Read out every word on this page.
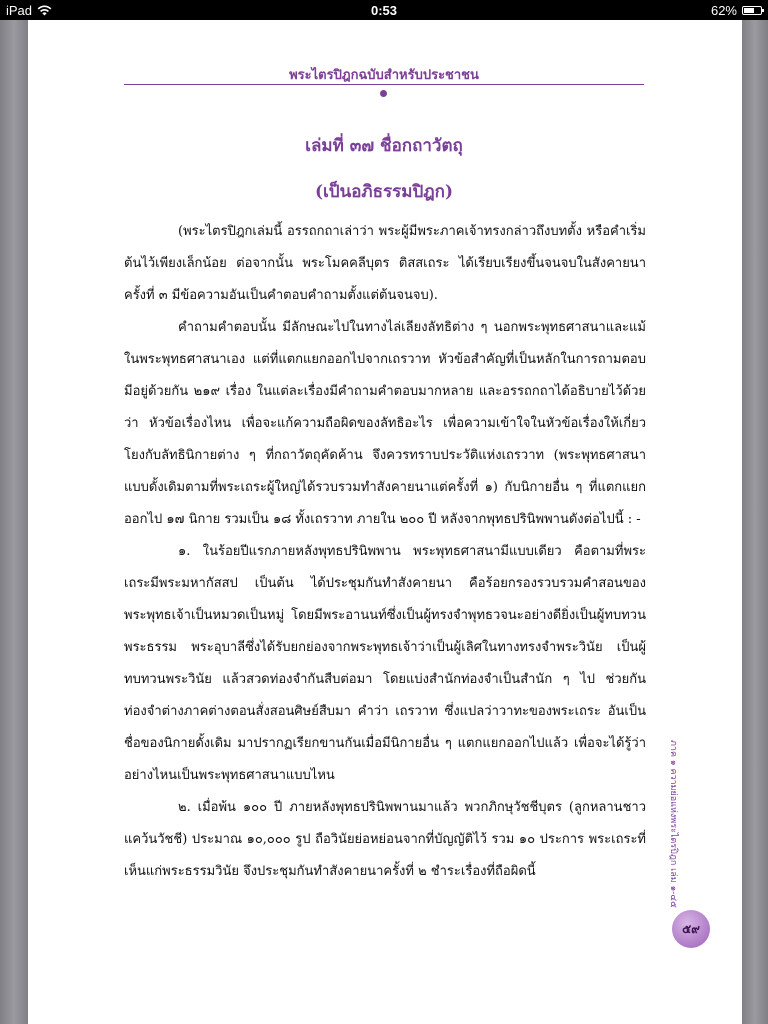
iPad	0:53	62%
พระไตรปิฎกฉบับสำหรับประชาชน
เล่มที่ ๓๗ ชื่อกถาวัตถุ
(เป็นอภิธรรมปิฎก)

(พระไตรปิฎกเล่มนี้ อรรถกถาเล่าว่า พระผู้มีพระภาคเจ้าทรงกล่าวถึงบทตั้ง หรือคำเริ่มต้นไว้เพียงเล็กน้อย ต่อจากนั้น พระโมคคลีบุตร ติสสเถระ ได้เรียบเรียงขึ้นจนจบในสังคายนาครั้งที่ ๓ มีข้อความอันเป็นคำตอบคำถามตั้งแต่ต้นจนจบ).

คำถามคำตอบนั้น มีลักษณะไปในทางไล่เลียงลัทธิต่าง ๆ นอกพระพุทธศาสนาและแม้ในพระพุทธศาสนาเอง แต่ที่แตกแยกออกไปจากเถรวาท หัวข้อสำคัญที่เป็นหลักในการถามตอบมีอยู่ด้วยกัน ๒๑๙ เรื่อง ในแต่ละเรื่องมีคำถามคำตอบมากหลาย และอรรถกถาได้อธิบายไว้ด้วยว่า หัวข้อเรื่องไหน เพื่อจะแก้ความถือผิดของลัทธิอะไร เพื่อความเข้าใจในหัวข้อเรื่องให้เกี่ยวโยงกับลัทธินิกายต่าง ๆ ที่กถาวัตถุคัดค้าน จึงควรทราบประวัติแห่งเถรวาท (พระพุทธศาสนาแบบดั้งเดิมตามที่พระเถระผู้ใหญ่ได้รวบรวมทำสังคายนาแต่ครั้งที่ ๑) กับนิกายอื่น ๆ ที่แตกแยกออกไป ๑๗ นิกาย รวมเป็น ๑๘ ทั้งเถรวาท ภายใน ๒๐๐ ปี หลังจากพุทธปรินิพพานดังต่อไปนี้ : -

๑. ในร้อยปีแรกภายหลังพุทธปรินิพพาน พระพุทธศาสนามีแบบเดียว คือตามที่พระเถระมีพระมหากัสสป เป็นต้น ได้ประชุมกันทำสังคายนา คือร้อยกรองรวบรวมคำสอนของพระพุทธเจ้าเป็นหมวดเป็นหมู่ โดยมีพระอานนท์ซึ่งเป็นผู้ทรงจำพุทธวจนะอย่างดียิ่งเป็นผู้ทบทวนพระธรรม พระอุบาลีซึ่งได้รับยกย่องจากพระพุทธเจ้าว่าเป็นผู้เลิศในทางทรงจำพระวินัย เป็นผู้ทบทวนพระวินัย แล้วสวดท่องจำกันสืบต่อมา โดยแบ่งสำนักท่องจำเป็นสำนัก ๆ ไป ช่วยกันท่องจำต่างภาคต่างตอนสั่งสอนศิษย์สืบมา คำว่า เถรวาท ซึ่งแปลว่าวาทะของพระเถระ อันเป็นชื่อของนิกายดั้งเดิม มาปรากฏเรียกขานกันเมื่อมีนิกายอื่น ๆ แตกแยกออกไปแล้ว เพื่อจะได้รู้ว่าอย่างไหนเป็นพระพุทธศาสนาแบบไหน

๒. เมื่อพ้น ๑๐๐ ปี ภายหลังพุทธปรินิพพานมาแล้ว พวกภิกษุวัชชีบุตร (ลูกหลานชาวแคว้นวัชชี) ประมาณ ๑๐,๐๐๐ รูป ถือวินัยย่อหย่อนจากที่บัญญัติไว้ รวม ๑๐ ประการ พระเถระที่เห็นแก่พระธรรมวินัย จึงประชุมกันทำสังคายนาครั้งที่ ๒ ชำระเรื่องที่ถือผิดนี้	ภาค ๑ ความย่อแห่งพระไตรปิฎก เล่ม ๑-๔๕
๕๙
